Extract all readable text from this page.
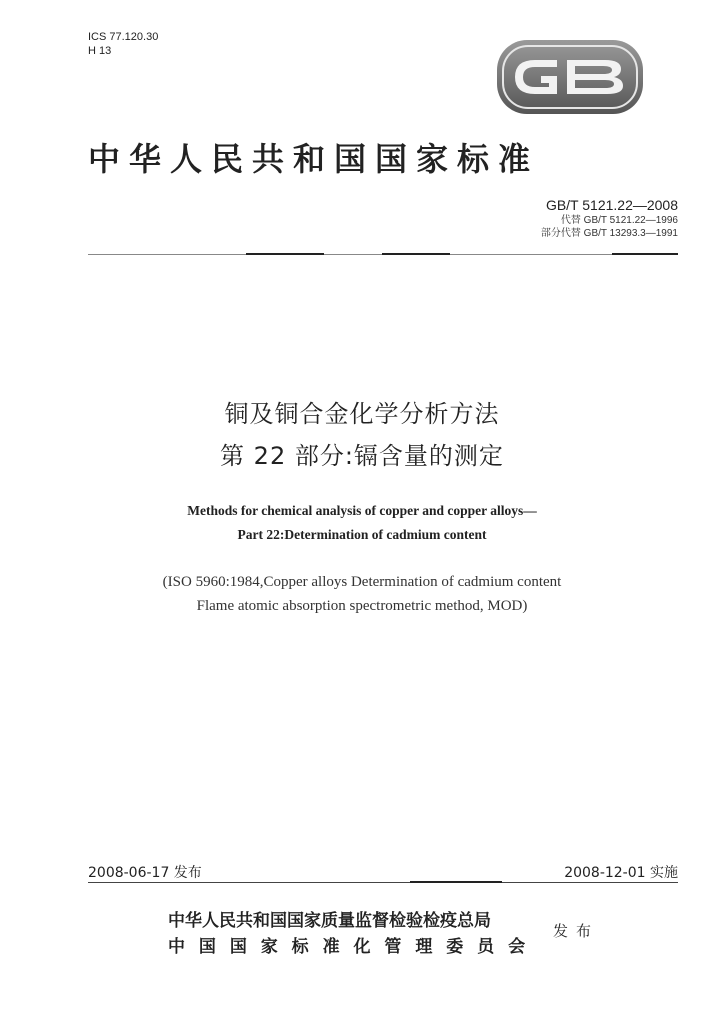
ICS 77.120.30
H 13
中华人民共和国国家标准
GB/T 5121.22—2008
代替 GB/T 5121.22—1996
部分代替 GB/T 13293.3—1991
铜及铜合金化学分析方法
第 22 部分:镉含量的测定
Methods for chemical analysis of copper and copper alloys—
Part 22:Determination of cadmium content
(ISO 5960:1984,Copper alloys Determination of cadmium content
Flame atomic absorption spectrometric method, MOD)
2008-06-17 发布	2008-12-01 实施
中华人民共和国国家质量监督检验检疫总局
中 国 国 家 标 准 化 管 理 委 员 会
发布
